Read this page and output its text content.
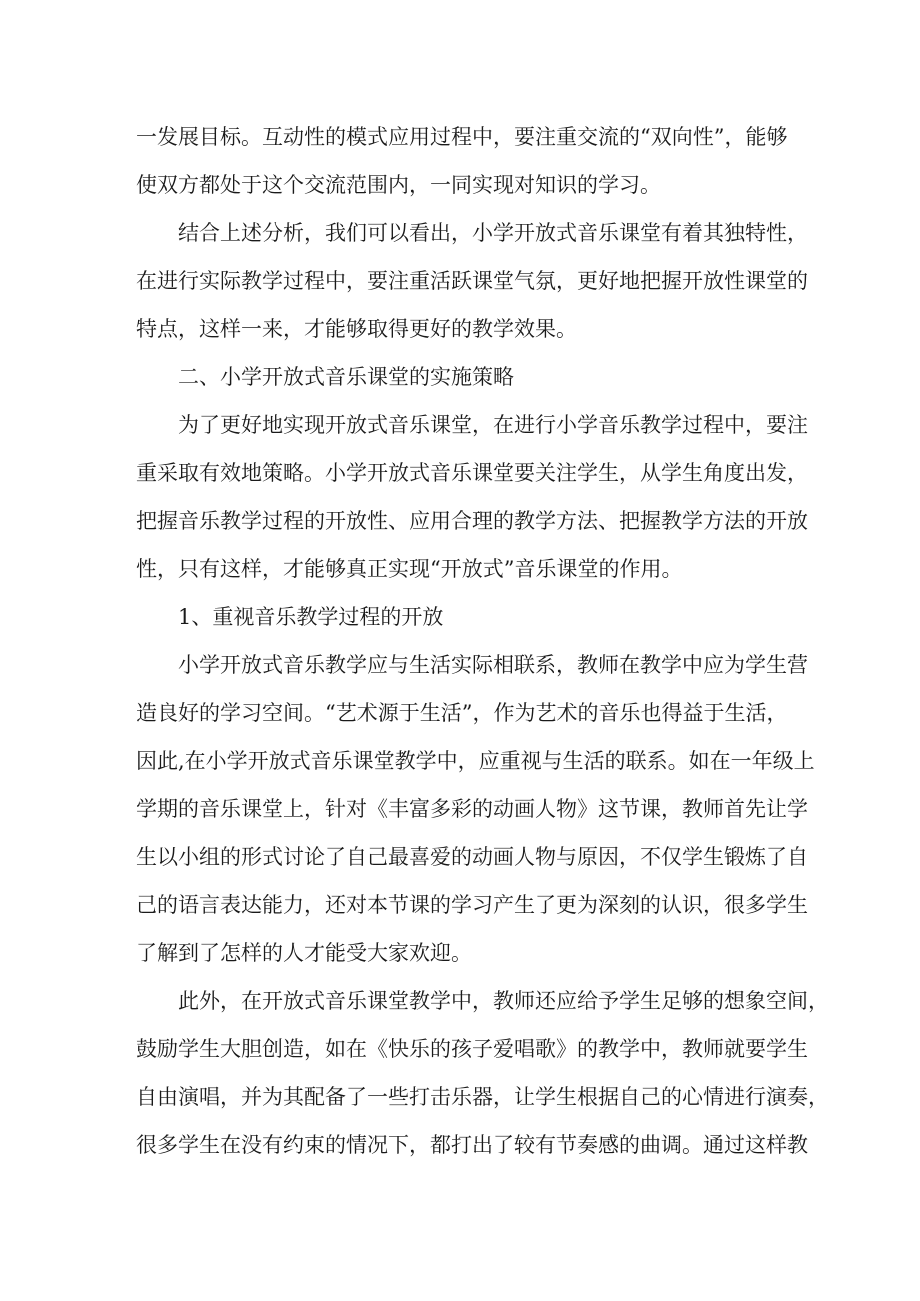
一发展目标。互动性的模式应用过程中，要注重交流的“双向性”，能够
使双方都处于这个交流范围内，一同实现对知识的学习。
结合上述分析，我们可以看出，小学开放式音乐课堂有着其独特性，
在进行实际教学过程中，要注重活跃课堂气氛，更好地把握开放性课堂的
特点，这样一来，才能够取得更好的教学效果。
二、小学开放式音乐课堂的实施策略
为了更好地实现开放式音乐课堂，在进行小学音乐教学过程中，要注
重采取有效地策略。小学开放式音乐课堂要关注学生，从学生角度出发，
把握音乐教学过程的开放性、应用合理的教学方法、把握教学方法的开放
性，只有这样，才能够真正实现“开放式”音乐课堂的作用。
1、重视音乐教学过程的开放
小学开放式音乐教学应与生活实际相联系，教师在教学中应为学生营
造良好的学习空间。“艺术源于生活”，作为艺术的音乐也得益于生活，
因此,在小学开放式音乐课堂教学中，应重视与生活的联系。如在一年级上
学期的音乐课堂上，针对《丰富多彩的动画人物》这节课，教师首先让学
生以小组的形式讨论了自己最喜爱的动画人物与原因，不仅学生锻炼了自
己的语言表达能力，还对本节课的学习产生了更为深刻的认识，很多学生
了解到了怎样的人才能受大家欢迎。
此外，在开放式音乐课堂教学中，教师还应给予学生足够的想象空间，
鼓励学生大胆创造，如在《快乐的孩子爱唱歌》的教学中，教师就要学生
自由演唱，并为其配备了一些打击乐器，让学生根据自己的心情进行演奏，
很多学生在没有约束的情况下，都打出了较有节奏感的曲调。通过这样教
